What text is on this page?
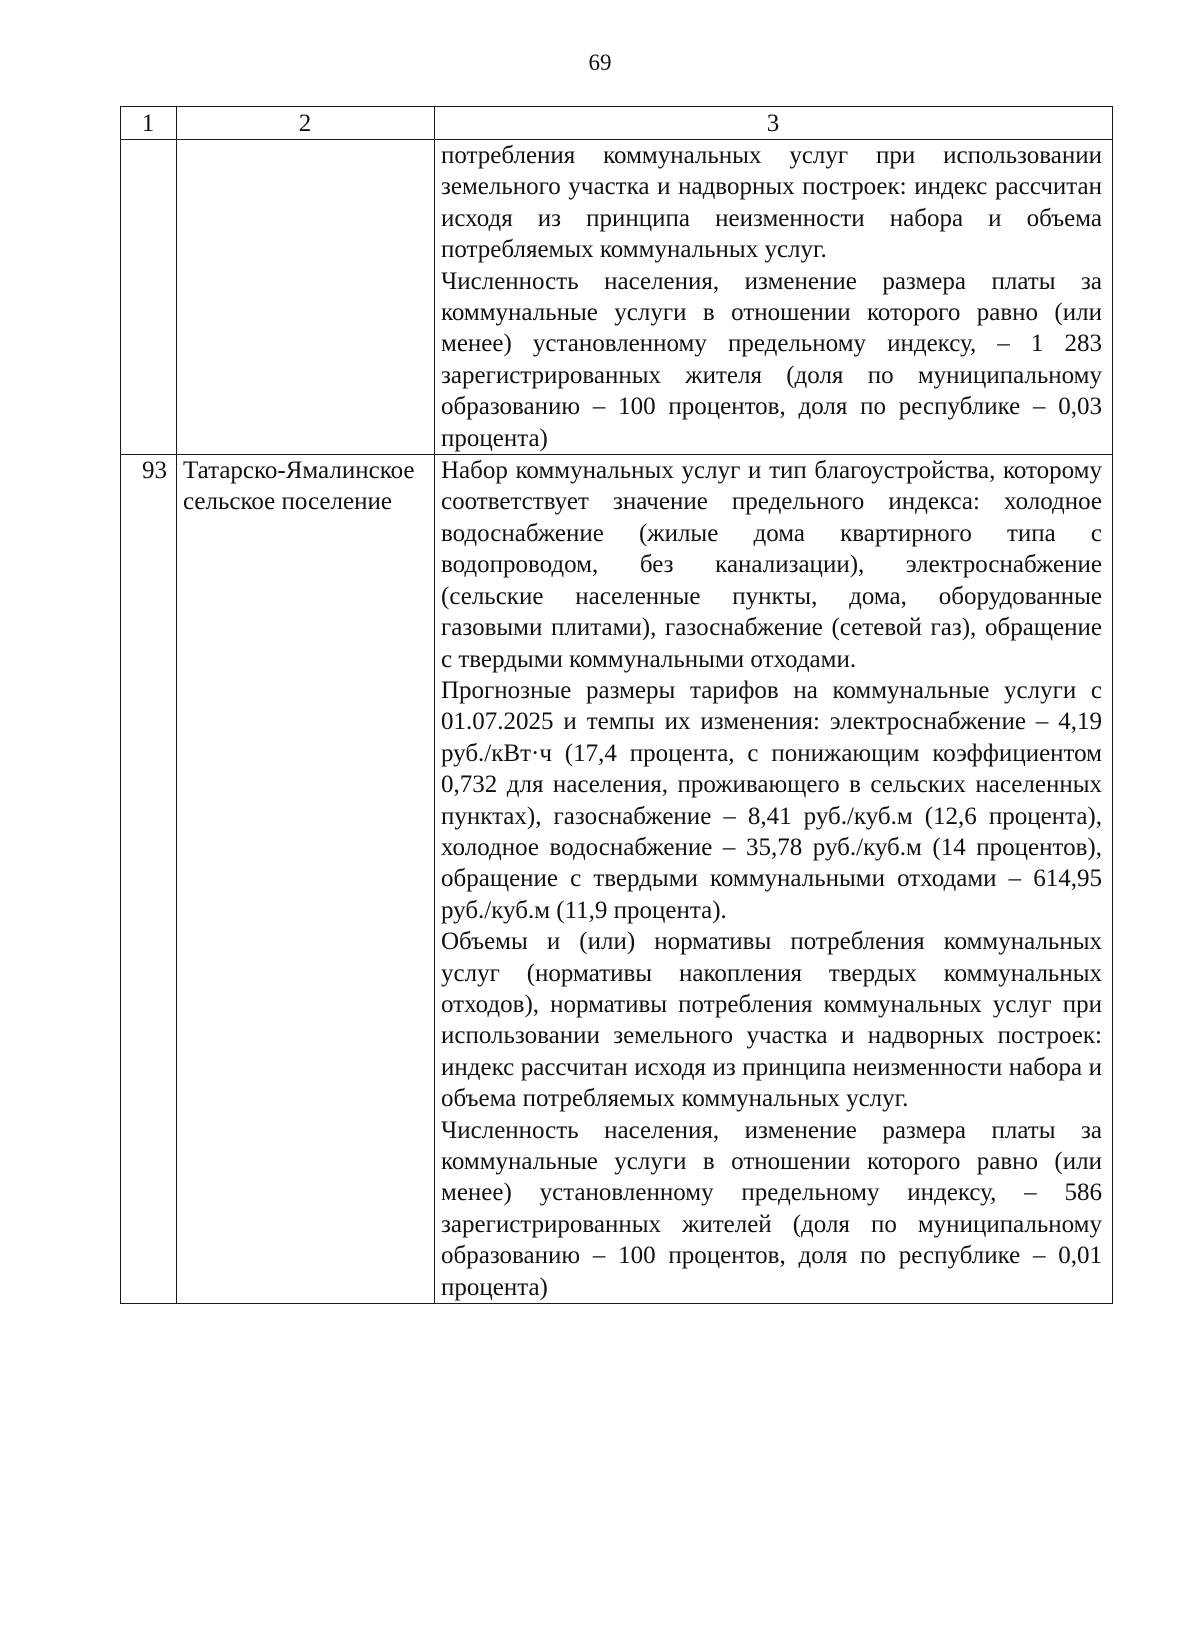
69
1	2	3

		потребления коммунальных услуг при использовании земельного участка и надворных построек: индекс рассчитан исходя из принципа неизменности набора и объема потребляемых коммунальных услуг.

Численность населения, изменение размера платы за коммунальные услуги в отношении которого равно (или менее) установленному предельному индексу, – 1 283 зарегистрированных жителя (доля по муниципальному образованию – 100 процентов, доля по республике – 0,03 процента)

93	Татарско-Ямалинское сельское поселение	Набор коммунальных услуг и тип благоустройства, которому соответствует значение предельного индекса: холодное водоснабжение (жилые дома квартирного типа с водопроводом, без канализации), электроснабжение (сельские населенные пункты, дома, оборудованные газовыми плитами), газоснабжение (сетевой газ), обращение с твердыми коммунальными отходами.

Прогнозные размеры тарифов на коммунальные услуги с 01.07.2025 и темпы их изменения: электроснабжение – 4,19 руб./кВт·ч (17,4 процента, с понижающим коэффициентом 0,732 для населения, проживающего в сельских населенных пунктах), газоснабжение – 8,41 руб./куб.м (12,6 процента), холодное водоснабжение – 35,78 руб./куб.м (14 процентов), обращение с твердыми коммунальными отходами – 614,95 руб./куб.м (11,9 процента).

Объемы и (или) нормативы потребления коммунальных услуг (нормативы накопления твердых коммунальных отходов), нормативы потребления коммунальных услуг при использовании земельного участка и надворных построек: индекс рассчитан исходя из принципа неизменности набора и объема потребляемых коммунальных услуг.

Численность населения, изменение размера платы за коммунальные услуги в отношении которого равно (или менее) установленному предельному индексу, – 586 зарегистрированных жителей (доля по муниципальному образованию – 100 процентов, доля по республике – 0,01 процента)
